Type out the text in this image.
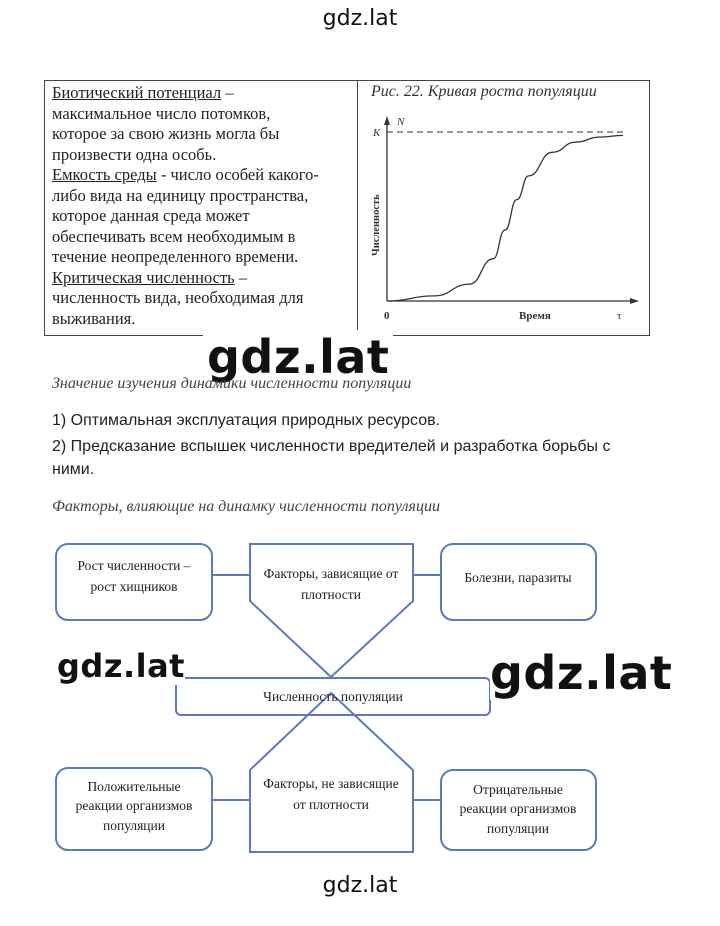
gdz.lat

Биотический потенциал –

максимальное число потомков,

которое за свою жизнь могла бы

произвести одна особь.

Емкость среды - число особей какого-

либо вида на единицу пространства,

которое данная среда может

обеспечивать всем необходимым в

течение неопределенного времени.

Критическая численность –

численность вида, необходимая для

выживания.

Рис. 22. Кривая роста популяции
N
K
Численность
0	Время	τ
gdz.lat
Значение изучения динамики численности популяции
1) Оптимальная эксплуатация природных ресурсов.
2) Предсказание вспышек численности вредителей и разработка борьбы с
ними.
Факторы, влияющие на динамку численности популяции
Рост численности –
рост хищников
Факторы, зависящие от
плотности
Болезни, паразиты
Численность популяции
Положительные
реакции организмов
популяции
Факторы, не зависящие
от плотности
Отрицательные
реакции организмов
популяции
gdz.lat	gdz.lat
gdz.lat
